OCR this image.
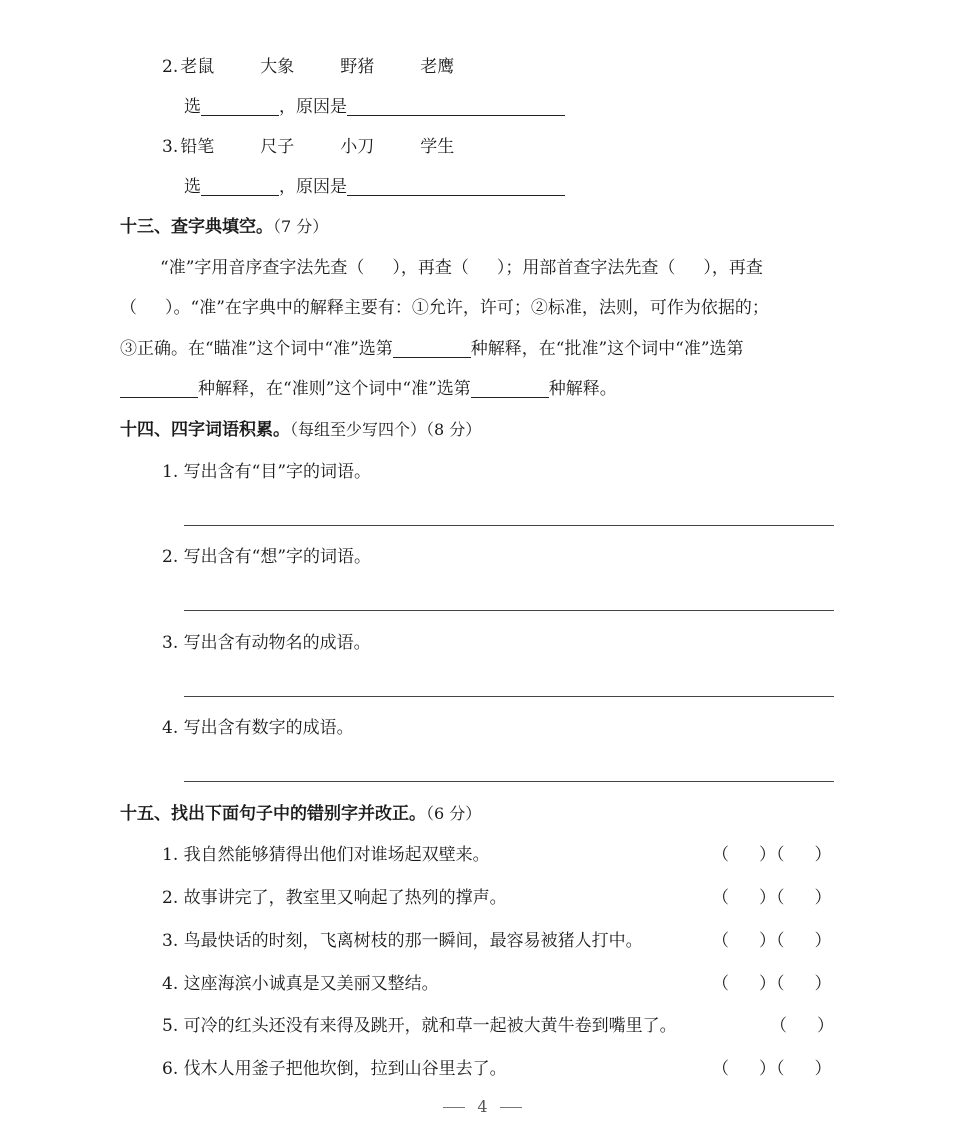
2. 老鼠	大象	野猪	老鹰
选	，原因是
3. 铅笔	尺子	小刀	学生
选	，原因是
十三、查字典填空。（7 分）
“准”字用音序查字法先查（ ），再查（ ）；用部首查字法先查（ ），再查
（ ）。“准”在字典中的解释主要有：①允许，许可；②标准，法则，可作为依据的；
③正确。在“瞄准”这个词中“准”选第	种解释，在“批准”这个词中“准”选第
种解释，在“准则”这个词中“准”选第	种解释。
十四、四字词语积累。（每组至少写四个）（8 分）
1. 写出含有“目”字的词语。
2. 写出含有“想”字的词语。
3. 写出含有动物名的成语。
4. 写出含有数字的成语。
十五、找出下面句子中的错别字并改正。（6 分）
1. 我自然能够猜得出他们对谁场起双壁来。	（ ）（ ）
2. 故事讲完了，教室里又响起了热列的撑声。	（ ）（ ）
3. 鸟最快话的时刻，飞离树枝的那一瞬间，最容易被猪人打中。	（ ）（ ）
4. 这座海滨小诚真是又美丽又整结。	（ ）（ ）
5. 可冷的红头还没有来得及跳开，就和草一起被大黄牛卷到嘴里了。	（ ）
6. 伐木人用釜子把他坎倒，拉到山谷里去了。	（ ）（ ）
4
